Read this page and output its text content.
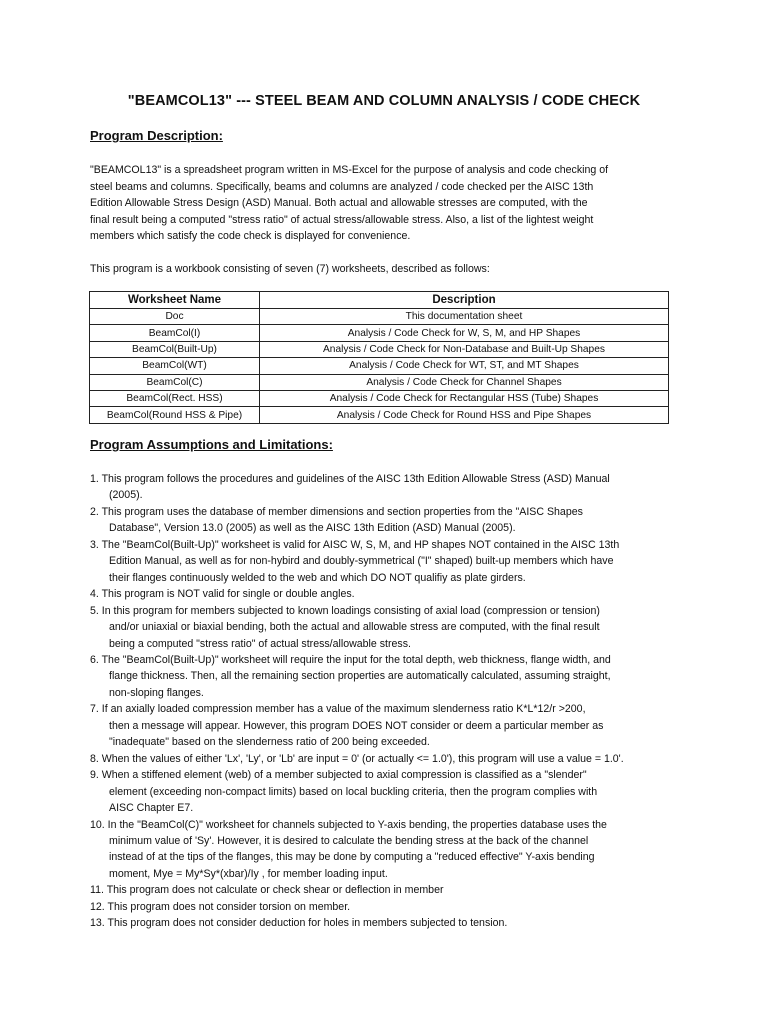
"BEAMCOL13" --- STEEL BEAM AND COLUMN ANALYSIS / CODE CHECK
Program Description:
"BEAMCOL13" is a spreadsheet program written in MS-Excel for the purpose of analysis and code checking of
steel beams and columns. Specifically, beams and columns are analyzed / code checked per the AISC 13th
Edition Allowable Stress Design (ASD) Manual. Both actual and allowable stresses are computed, with the
final result being a computed "stress ratio" of actual stress/allowable stress. Also, a list of the lightest weight
members which satisfy the code check is displayed for convenience.
This program is a workbook consisting of seven (7) worksheets, described as follows:
Worksheet Name	Description
Doc	This documentation sheet
BeamCol(I)	Analysis / Code Check for W, S, M, and HP Shapes
BeamCol(Built-Up)	Analysis / Code Check for Non-Database and Built-Up Shapes
BeamCol(WT)	Analysis / Code Check for WT, ST, and MT Shapes
BeamCol(C)	Analysis / Code Check for Channel Shapes
BeamCol(Rect. HSS)	Analysis / Code Check for Rectangular HSS (Tube) Shapes
BeamCol(Round HSS & Pipe)	Analysis / Code Check for Round HSS and Pipe Shapes
Program Assumptions and Limitations:
1. This program follows the procedures and guidelines of the AISC 13th Edition Allowable Stress (ASD) Manual
(2005).
2. This program uses the database of member dimensions and section properties from the "AISC Shapes
Database", Version 13.0 (2005) as well as the AISC 13th Edition (ASD) Manual (2005).
3. The "BeamCol(Built-Up)" worksheet is valid for AISC W, S, M, and HP shapes NOT contained in the AISC 13th
Edition Manual, as well as for non-hybird and doubly-symmetrical ("I" shaped) built-up members which have
their flanges continuously welded to the web and which DO NOT qualifiy as plate girders.
4. This program is NOT valid for single or double angles.
5. In this program for members subjected to known loadings consisting of axial load (compression or tension)
and/or uniaxial or biaxial bending, both the actual and allowable stress are computed, with the final result
being a computed "stress ratio" of actual stress/allowable stress.
6. The "BeamCol(Built-Up)" worksheet will require the input for the total depth, web thickness, flange width, and
flange thickness. Then, all the remaining section properties are automatically calculated, assuming straight,
non-sloping flanges.
7. If an axially loaded compression member has a value of the maximum slenderness ratio K*L*12/r >200,
then a message will appear. However, this program DOES NOT consider or deem a particular member as
"inadequate" based on the slenderness ratio of 200 being exceeded.
8. When the values of either 'Lx', 'Ly', or 'Lb' are input = 0' (or actually <= 1.0'), this program will use a value = 1.0'.
9. When a stiffened element (web) of a member subjected to axial compression is classified as a "slender"
element (exceeding non-compact limits) based on local buckling criteria, then the program complies with
AISC Chapter E7.
10. In the "BeamCol(C)" worksheet for channels subjected to Y-axis bending, the properties database uses the
minimum value of 'Sy'. However, it is desired to calculate the bending stress at the back of the channel
instead of at the tips of the flanges, this may be done by computing a "reduced effective" Y-axis bending
moment, Mye = My*Sy*(xbar)/Iy , for member loading input.
11. This program does not calculate or check shear or deflection in member
12. This program does not consider torsion on member.
13. This program does not consider deduction for holes in members subjected to tension.
